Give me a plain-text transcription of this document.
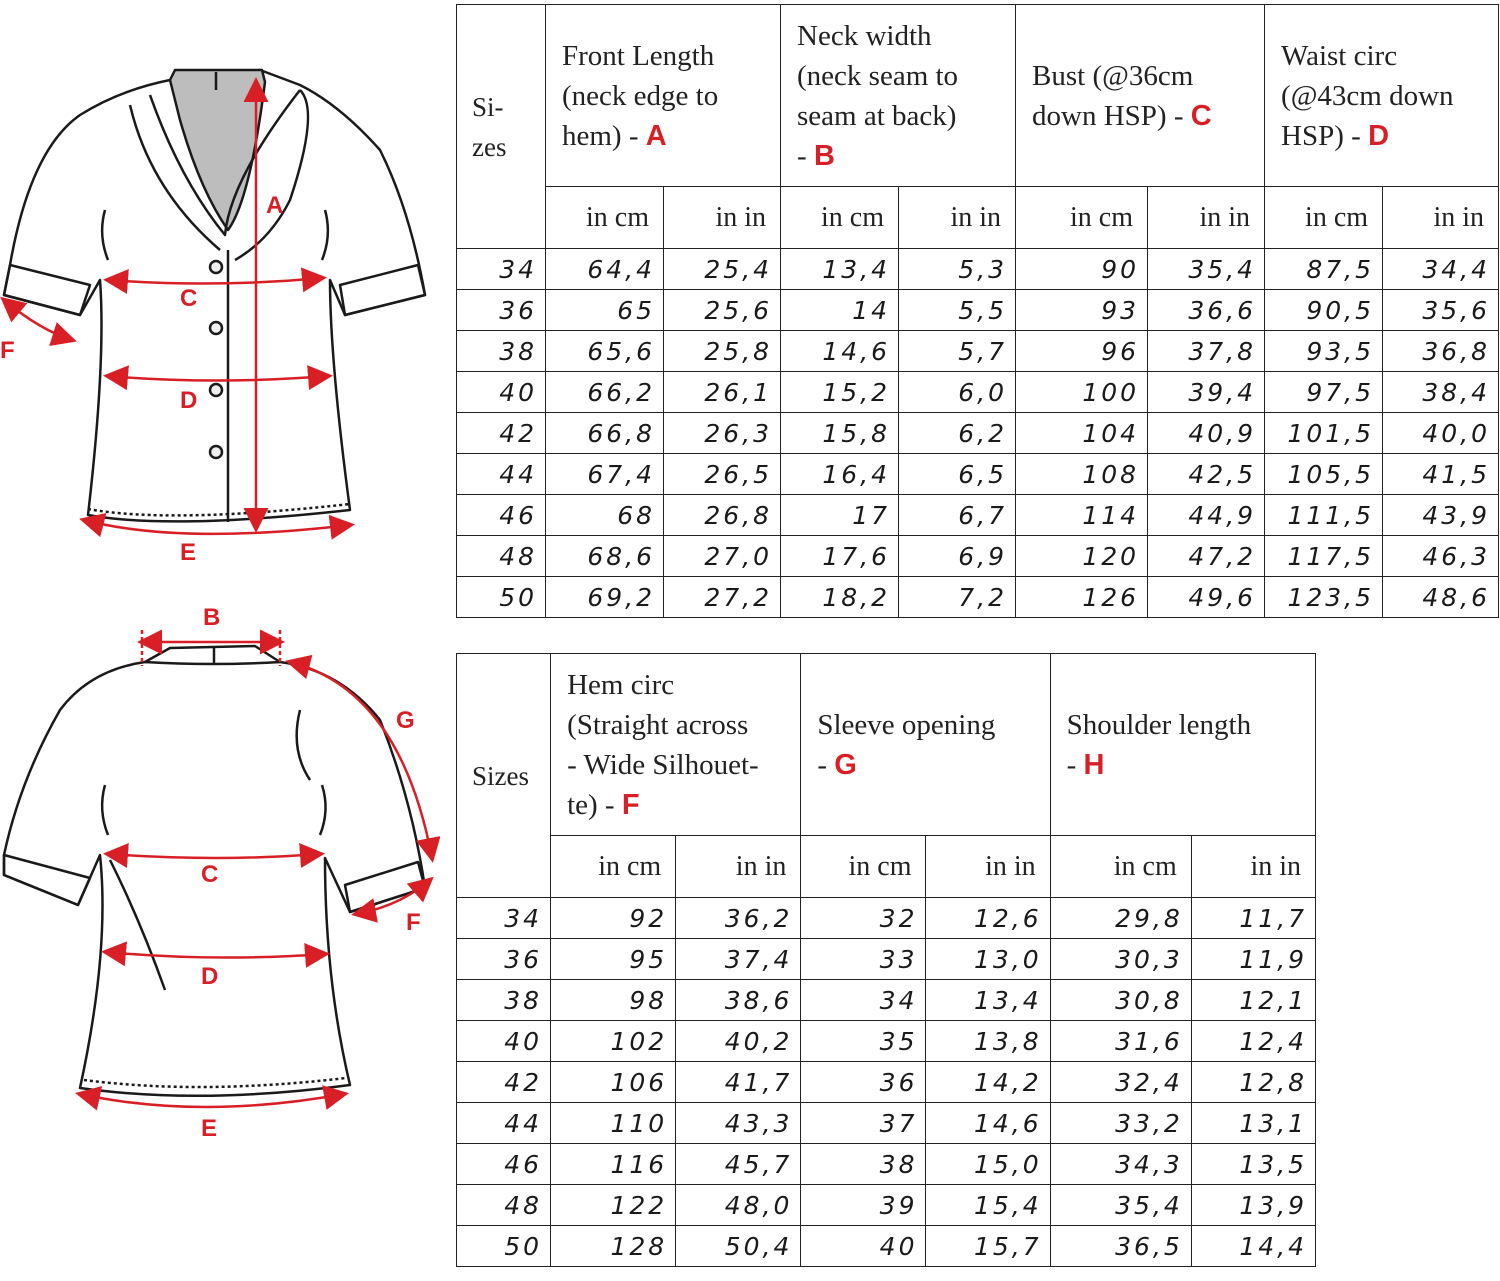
A
C
D
E
F
B
G
C
D
E
F
Si-
zes	Front Length
(neck edge to
hem) - A		Neck width
(neck seam to
seam at back)
- B		Bust (@36cm
down HSP) - C		Waist circ
(@43cm down
HSP) - D	
	in cm	in in	in cm	in in	in cm	in in	in cm	in in
34	64,4	25,4	13,4	5,3	90	35,4	87,5	34,4
36	65	25,6	14	5,5	93	36,6	90,5	35,6
38	65,6	25,8	14,6	5,7	96	37,8	93,5	36,8
40	66,2	26,1	15,2	6,0	100	39,4	97,5	38,4
42	66,8	26,3	15,8	6,2	104	40,9	101,5	40,0
44	67,4	26,5	16,4	6,5	108	42,5	105,5	41,5
46	68	26,8	17	6,7	114	44,9	111,5	43,9
48	68,6	27,0	17,6	6,9	120	47,2	117,5	46,3
50	69,2	27,2	18,2	7,2	126	49,6	123,5	48,6
Sizes	Hem circ
(Straight across
- Wide Silhouet-
te) - F		Sleeve opening
- G		Shoulder length
- H	
	in cm	in in	in cm	in in	in cm	in in
34	92	36,2	32	12,6	29,8	11,7
36	95	37,4	33	13,0	30,3	11,9
38	98	38,6	34	13,4	30,8	12,1
40	102	40,2	35	13,8	31,6	12,4
42	106	41,7	36	14,2	32,4	12,8
44	110	43,3	37	14,6	33,2	13,1
46	116	45,7	38	15,0	34,3	13,5
48	122	48,0	39	15,4	35,4	13,9
50	128	50,4	40	15,7	36,5	14,4
